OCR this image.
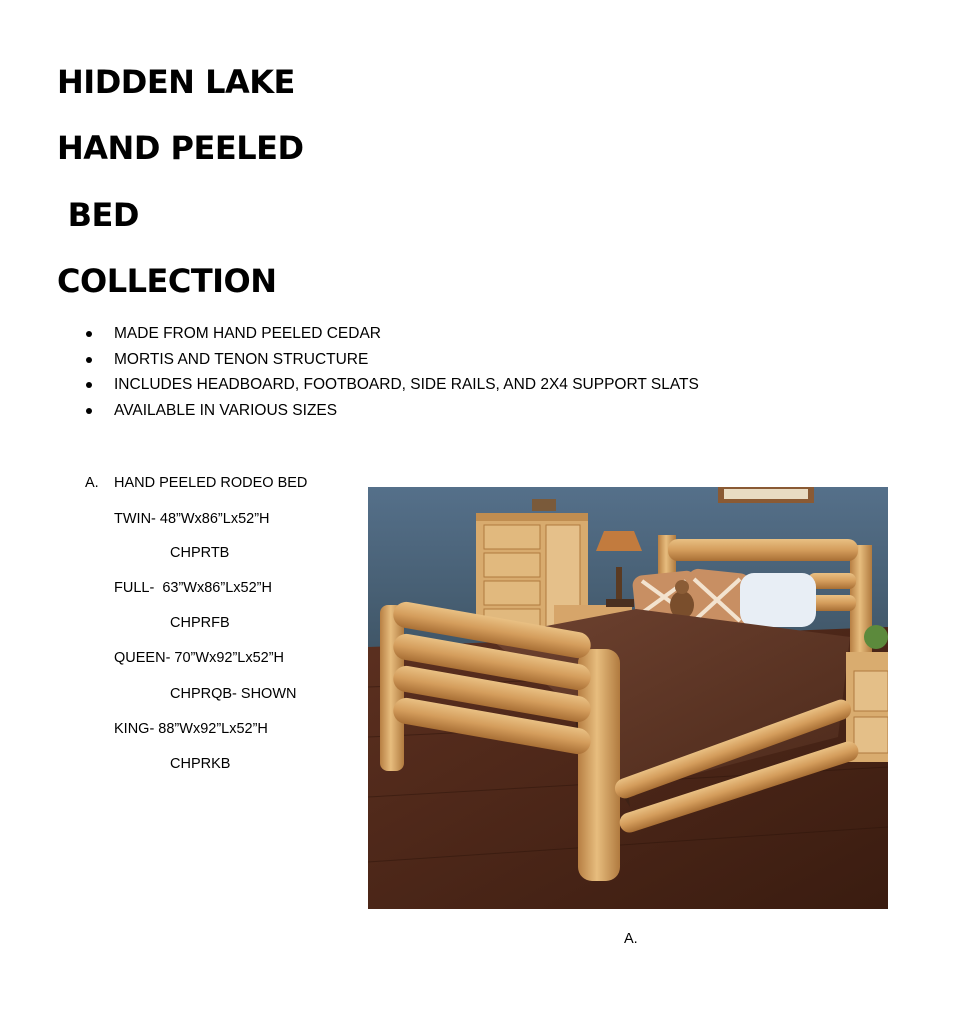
HIDDEN LAKE
HAND PEELED
BED
COLLECTION
MADE FROM HAND PEELED CEDAR
MORTIS AND TENON STRUCTURE
INCLUDES HEADBOARD, FOOTBOARD, SIDE RAILS, AND 2X4 SUPPORT SLATS
AVAILABLE IN VARIOUS SIZES
A. HAND PEELED RODEO BED
TWIN- 48”Wx86”Lx52”H
CHPRTB
FULL-  63”Wx86”Lx52”H
CHPRFB
QUEEN- 70”Wx92”Lx52”H
CHPRQB- SHOWN
KING- 88”Wx92”Lx52”H
CHPRKB
A.
